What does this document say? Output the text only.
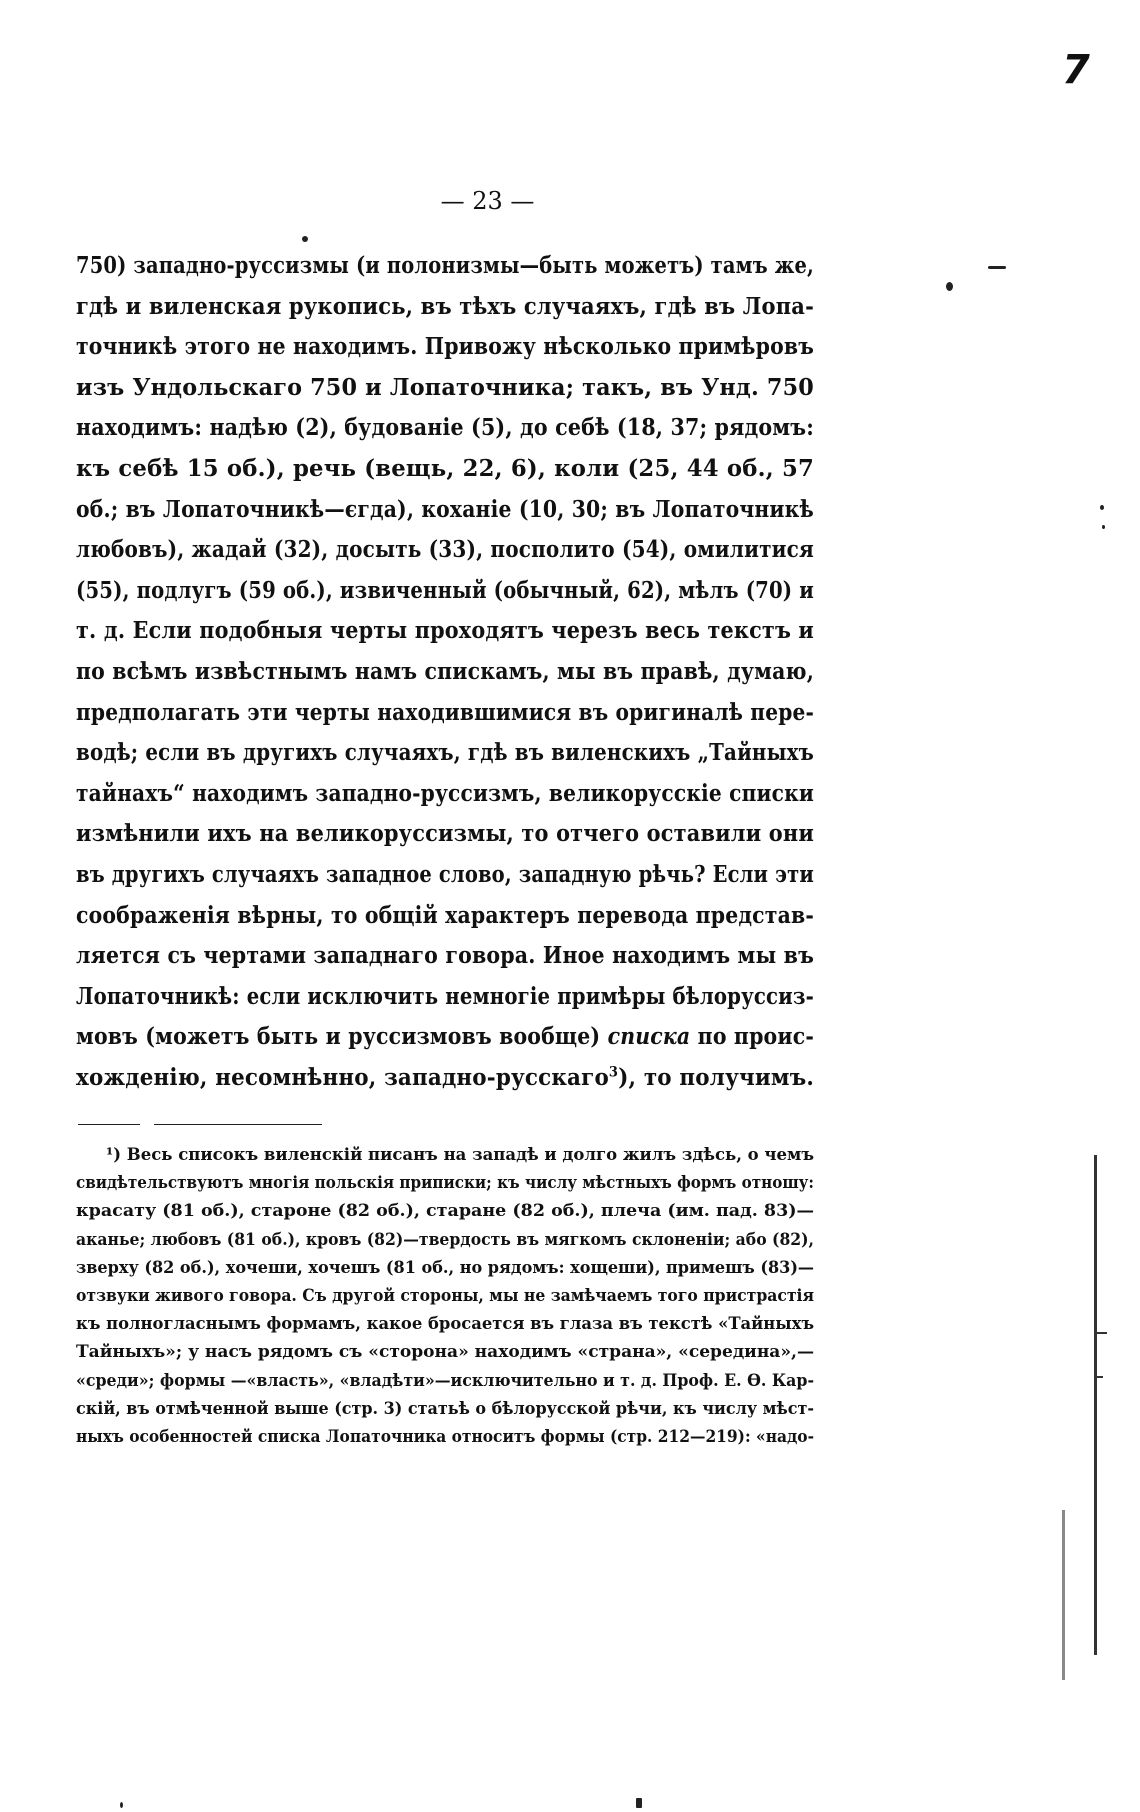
7
— 23 —
750) западно-руссизмы (и полонизмы—быть можетъ) тамъ же,
гдѣ и виленская рукопись, въ тѣхъ случаяхъ, гдѣ въ Лопа-
точникѣ этого не находимъ. Привожу нѣсколько примѣровъ
изъ Ундольскаго 750 и Лопаточника; такъ, въ Унд. 750
находимъ: надѣю (2), будованіе (5), до себѣ (18, 37; рядомъ:
къ себѣ 15 об.), речь (вещь, 22, 6), коли (25, 44 об., 57
об.; въ Лопаточникѣ—єгда), коханіе (10, 30; въ Лопаточникѣ
любовъ), жадай (32), досыть (33), посполито (54), омилитися
(55), подлугъ (59 об.), извиченный (обычный, 62), мѣлъ (70) и
т. д. Если подобныя черты проходятъ черезъ весь текстъ и
по всѣмъ извѣстнымъ намъ спискамъ, мы въ правѣ, думаю,
предполагать эти черты находившимися въ оригиналѣ пере-
водѣ; если въ другихъ случаяхъ, гдѣ въ виленскихъ „Тайныхъ
тайнахъ“ находимъ западно-руссизмъ, великорусскіе списки
измѣнили ихъ на великоруссизмы, то отчего оставили они
въ другихъ случаяхъ западное слово, западную рѣчь? Если эти
соображенія вѣрны, то общій характеръ перевода представ-
ляется съ чертами западнаго говора. Иное находимъ мы въ
Лопаточникѣ: если исключить немногіе примѣры бѣлоруссиз-
мовъ (можетъ быть и руссизмовъ вообще) списка по проис-
хожденію, несомнѣнно, западно-русскаго$^3$), то получимъ.
¹) Весь списокъ виленскій писанъ на западѣ и долго жилъ здѣсь, о чемъ
свидѣтельствуютъ многія польскія приписки; къ числу мѣстныхъ формъ отношу:
красату (81 об.), староне (82 об.), старане (82 об.), плеча (им. пад. 83)—
аканье; любовъ (81 об.), кровъ (82)—твердость въ мягкомъ склоненіи; або (82),
зверху (82 об.), хочеши, хочешъ (81 об., но рядомъ: хощеши), примешъ (83)—
отзвуки живого говора. Съ другой стороны, мы не замѣчаемъ того пристрастія
къ полногласнымъ формамъ, какое бросается въ глаза въ текстѣ «Тайныхъ
Тайныхъ»; у насъ рядомъ съ «сторона» находимъ «страна», «середина»,—
«среди»; формы —«власть», «владѣти»—исключительно и т. д. Проф. Е. Ѳ. Кар-
скій, въ отмѣченной выше (стр. 3) статьѣ о бѣлорусской рѣчи, къ числу мѣст-
ныхъ особенностей списка Лопаточника относитъ формы (стр. 212—219): «надо-
